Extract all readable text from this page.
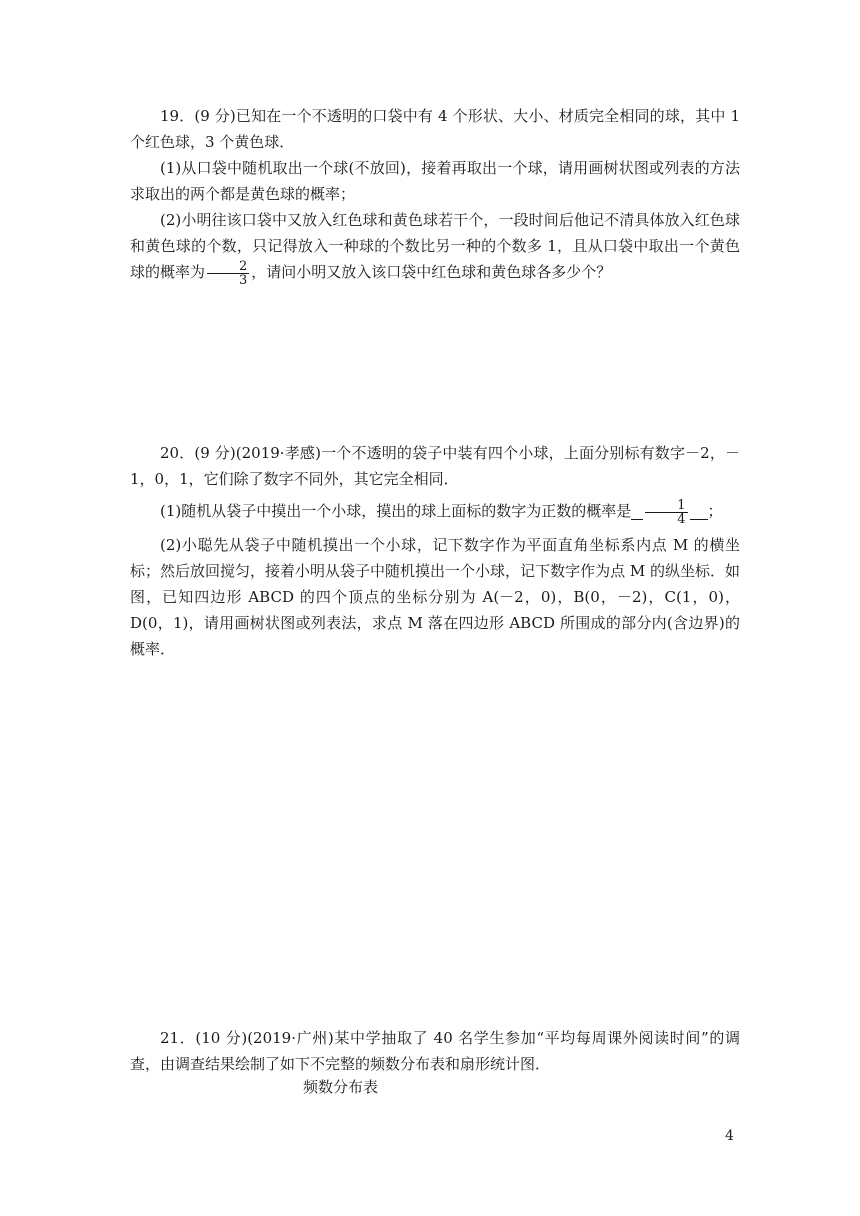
19．(9 分)已知在一个不透明的口袋中有 4 个形状、大小、材质完全相同的球，其中 1 个红色球，3 个黄色球．

(1)从口袋中随机取出一个球(不放回)，接着再取出一个球，请用画树状图或列表的方法求取出的两个都是黄色球的概率；

(2)小明往该口袋中又放入红色球和黄色球若干个，一段时间后他记不清具体放入红色球和黄色球的个数，只记得放入一种球的个数比另一种的个数多 1，且从口袋中取出一个黄色球的概率为 $\frac{2}{3}$ ，请问小明又放入该口袋中红色球和黄色球各多少个？

20．(9 分)(2019·孝感)一个不透明的袋子中装有四个小球，上面分别标有数字－2，－1，0，1，它们除了数字不同外，其它完全相同．

(1)随机从袋子中摸出一个小球，摸出的球上面标的数字为正数的概率是 $\frac{1}{4}$ ；

(2)小聪先从袋子中随机摸出一个小球，记下数字作为平面直角坐标系内点 M 的横坐标；然后放回搅匀，接着小明从袋子中随机摸出一个小球，记下数字作为点 M 的纵坐标．如图，已知四边形 ABCD 的四个顶点的坐标分别为 A(－2，0)，B(0，－2)，C(1，0)，D(0，1)，请用画树状图或列表法，求点 M 落在四边形 ABCD 所围成的部分内(含边界)的概率．

21．(10 分)(2019·广州)某中学抽取了 40 名学生参加“平均每周课外阅读时间”的调查，由调查结果绘制了如下不完整的频数分布表和扇形统计图．

频数分布表
4
